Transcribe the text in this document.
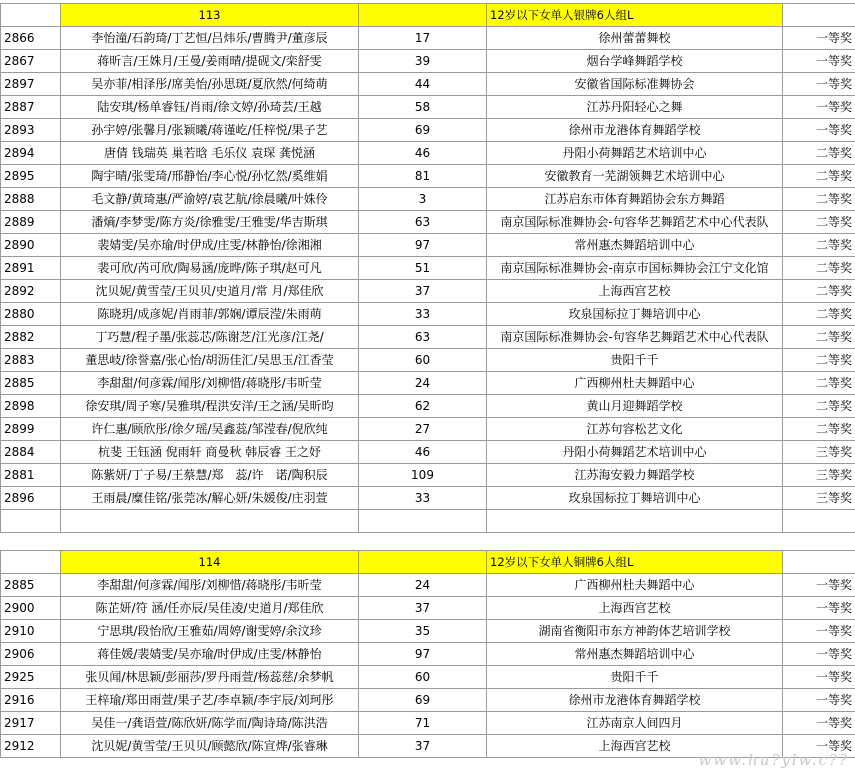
	113		12岁以下女单人银牌6人组L	
2866	李怡潼/石韵琦/丁艺恒/吕炜乐/曹腾尹/董彦辰	17	徐州蕾蕾舞校	一等奖
2867	蒋昕言/王姝月/王曼/姜雨晴/提砚文/栾舒雯	39	烟台学峰舞蹈学校	一等奖
2897	吴亦菲/相泽彤/席美怡/孙思斑/夏欣然/何绮萌	44	安徽省国际标准舞协会	一等奖
2887	陆安琪/杨单睿钰/肖雨/徐文婷/孙琦芸/王越	58	江苏丹阳轻心之舞	一等奖
2893	孙宇婷/张馨月/张颖曦/蒋谨屹/任梓悦/果子艺	69	徐州市龙港体育舞蹈学校	一等奖
2894	唐倩 钱瑞英 巢若晗 毛乐仪 袁琛 龚悦涵	46	丹阳小荷舞蹈艺术培训中心	二等奖
2895	陶宇晴/张雯琦/邢静怡/李心悦/孙忆然/奚维娟	81	安徽教育一芜湖领舞艺术培训中心	二等奖
2888	毛文静/黄琦惠/严渝婷/袁艺航/徐晨曦/叶姝伶	3	江苏启东市体育舞蹈协会东方舞蹈	二等奖
2889	潘熵/李梦雯/陈方炎/徐雅雯/王雅雯/华吉斯琪	63	南京国际标准舞协会-句容华艺舞蹈艺术中心代表队	二等奖
2890	裴婧雯/吴亦瑜/时伊成/庄雯/林静怡/徐湘湘	97	常州惠杰舞蹈培训中心	二等奖
2891	裴可欣/芮可欣/陶易涵/庞晔/陈子琪/赵可凡	51	南京国际标准舞协会-南京市国标舞协会江宁文化馆	二等奖
2892	沈贝妮/黄雪莹/王贝贝/史道月/常 月/郑佳欣	37	上海西宫艺校	二等奖
2880	陈晓玥/成彦妮/肖雨菲/郭娴/谭辰滢/朱雨萌	33	玫泉国标拉丁舞培训中心	二等奖
2882	丁巧慧/程子墨/张蕊芯/陈谢芝/江光彦/江尧/	63	南京国际标准舞协会-句容华艺舞蹈艺术中心代表队	二等奖
2883	董思岐/徐誉嘉/张心怡/胡沥佳汇/吴思玉/江香莹	60	贵阳千千	二等奖
2885	李甜甜/何彦霖/闻彤/刘柳惜/蒋晓彤/韦昕莹	24	广西柳州杜夫舞蹈中心	二等奖
2898	徐安琪/周子寒/吴雅琪/程洪安洋/王之涵/吴昕昀	62	黄山月迎舞蹈学校	二等奖
2899	许仁惠/顾欣彤/徐夕瑶/吴鑫蕊/邹滢春/倪欣纯	27	江苏句容松艺文化	二等奖
2884	杭斐 王钰涵 倪雨轩 商曼秋 韩辰睿 王之妤	46	丹阳小荷舞蹈艺术培训中心	三等奖
2881	陈紫妍/丁子易/王蔡慧/郑　蕊/许　诺/陶积辰	109	江苏海安毅力舞蹈学校	三等奖
2896	王雨晨/糜佳铭/张莞冰/解心妍/朱媛俊/庄羽萱	33	玫泉国标拉丁舞培训中心	三等奖

	114		12岁以下女单人铜牌6人组L	
2885	李甜甜/何彦霖/闻彤/刘柳惜/蒋晓彤/韦昕莹	24	广西柳州杜夫舞蹈中心	一等奖
2900	陈芷妍/符 涵/任亦辰/吴佳凌/史道月/郑佳欣	37	上海西宫艺校	一等奖
2910	宁思琪/段怡欣/王雅茹/周婷/谢雯婷/余汶珍	35	湖南省衡阳市东方神韵体艺培训学校	一等奖
2906	蒋佳媛/裴婧雯/吴亦瑜/时伊成/庄雯/林静怡	97	常州惠杰舞蹈培训中心	一等奖
2925	张贝闻/林思颖/彭丽莎/罗丹雨萱/杨蕊慈/余梦帆	60	贵阳千千	一等奖
2916	王梓瑜/郑田雨萱/果子艺/李卓颖/李宇辰/刘珂彤	69	徐州市龙港体育舞蹈学校	一等奖
2917	吴佳一/龚语萱/陈欣妍/陈学而/陶诗琦/陈洪浩	71	江苏南京人间四月	一等奖
2912	沈贝妮/黄雪莹/王贝贝/顾懿欣/陈宣烨/张睿琳	37	上海西宫艺校	一等奖
www.hu?ylw.c??
